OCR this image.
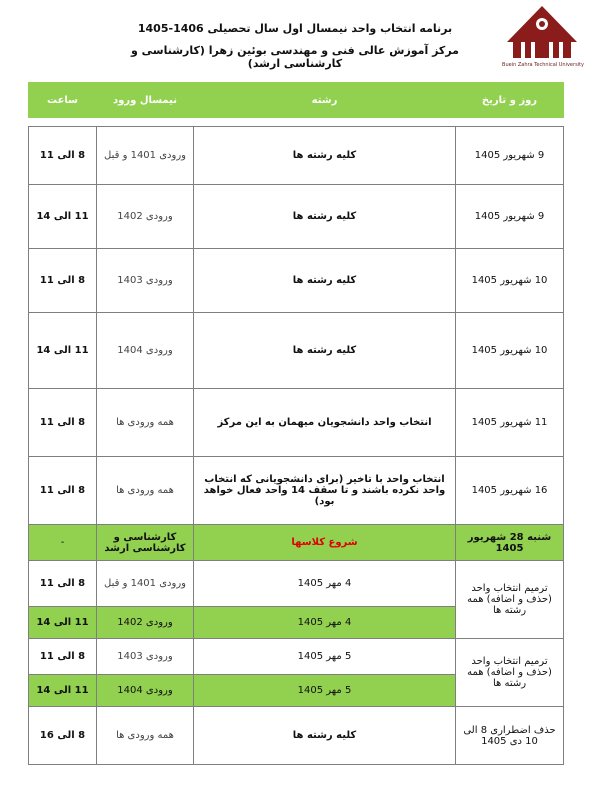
برنامه انتخاب واحد نیمسال اول سال تحصیلی 1406-1405
مرکز آموزش عالی فنی و مهندسی بوئین زهرا (کارشناسی و کارشناسی ارشد)	Buein Zahra Technical University
روز و تاریخ	رشته	نیمسال ورود	ساعت

9 شهریور 1405	کلیه رشته ها	ورودی 1401 و قبل	8 الی 11
9 شهریور 1405	کلیه رشته ها	ورودی 1402	11 الی 14
10 شهریور 1405	کلیه رشته ها	ورودی 1403	8 الی 11
10 شهریور 1405	کلیه رشته ها	ورودی 1404	11 الی 14
11 شهریور 1405	انتخاب واحد دانشجویان میهمان به این مرکز	همه ورودی ها	8 الی 11
16 شهریور 1405	انتخاب واحد با تاخیر (برای دانشجویانی که انتخاب واحد نکرده باشند و تا سقف 14 واحد فعال خواهد بود)	همه ورودی ها	8 الی 11
شنبه 28 شهریور 1405	شروع کلاسها	کارشناسی و کارشناسی ارشد	-
ترمیم انتخاب واحد (حذف و اضافه) همه رشته ها	4 مهر 1405	ورودی 1401 و قبل	8 الی 11
	4 مهر 1405	ورودی 1402	11 الی 14
ترمیم انتخاب واحد (حذف و اضافه) همه رشته ها	5 مهر 1405	ورودی 1403	8 الی 11
	5 مهر 1405	ورودی 1404	11 الی 14
حذف اضطراری 8 الی 10 دی 1405	کلیه رشته ها	همه ورودی ها	8 الی 16
